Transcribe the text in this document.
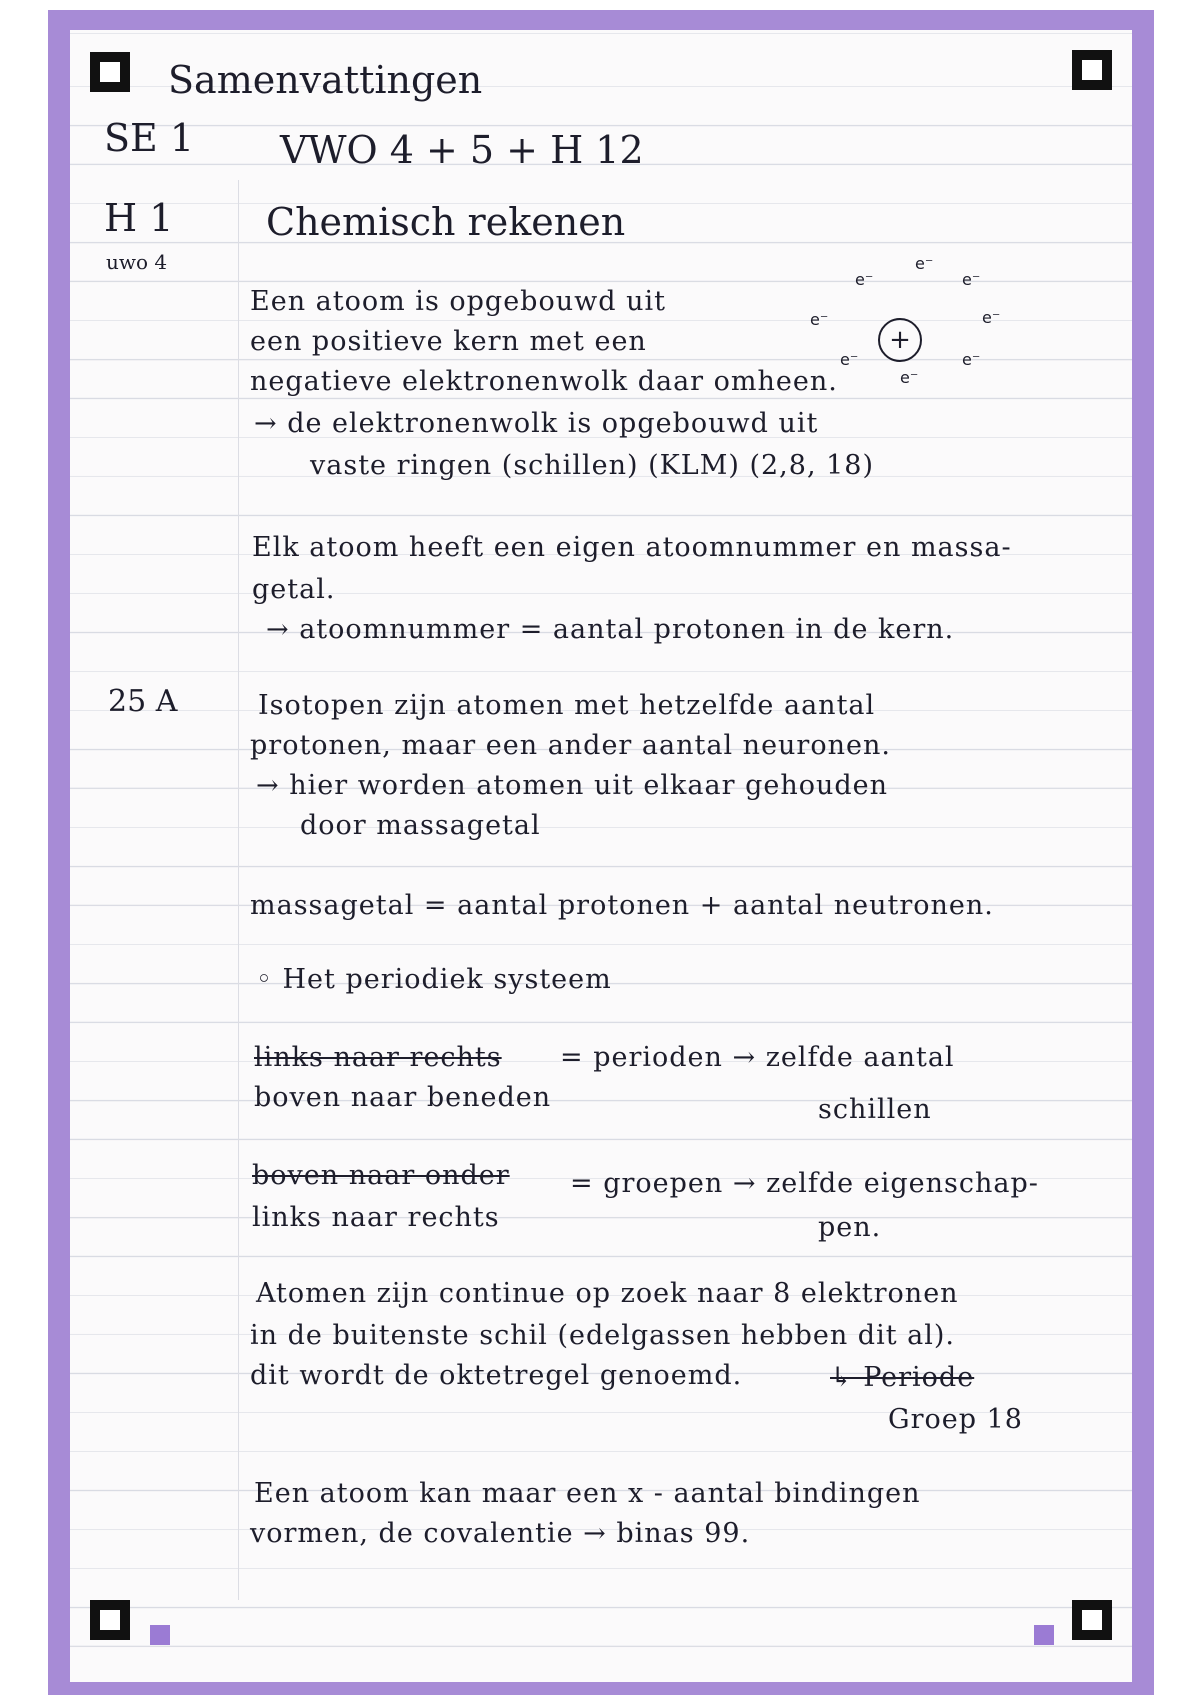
Samenvattingen
SE 1 VWO 4 + 5 + H 12
H 1
uwo 4
Chemisch rekenen
Een atoom is opgebouwd uit
een positieve kern met een
negatieve elektronenwolk daar omheen.
→ de elektronenwolk is opgebouwd uit
vaste ringen (schillen) (KLM) (2,8, 18)
+
e⁻
e⁻
e⁻
e⁻
e⁻
e⁻
e⁻
e⁻
Elk atoom heeft een eigen atoomnummer en massa-
getal.
→ atoomnummer = aantal protonen in de kern.
25 A	Isotopen zijn atomen met hetzelfde aantal
protonen, maar een ander aantal neuronen.
→ hier worden atomen uit elkaar gehouden
door massagetal
massagetal = aantal protonen + aantal neutronen.
◦ Het periodiek systeem
links naar rechts
boven naar beneden
= perioden → zelfde aantal
schillen
boven naar onder
links naar rechts
= groepen → zelfde eigenschap-
pen.
Atomen zijn continue op zoek naar 8 elektronen
in de buitenste schil (edelgassen hebben dit al).
dit wordt de oktetregel genoemd.	↳ Periode
Groep 18
Een atoom kan maar een x - aantal bindingen
vormen, de covalentie → binas 99.
